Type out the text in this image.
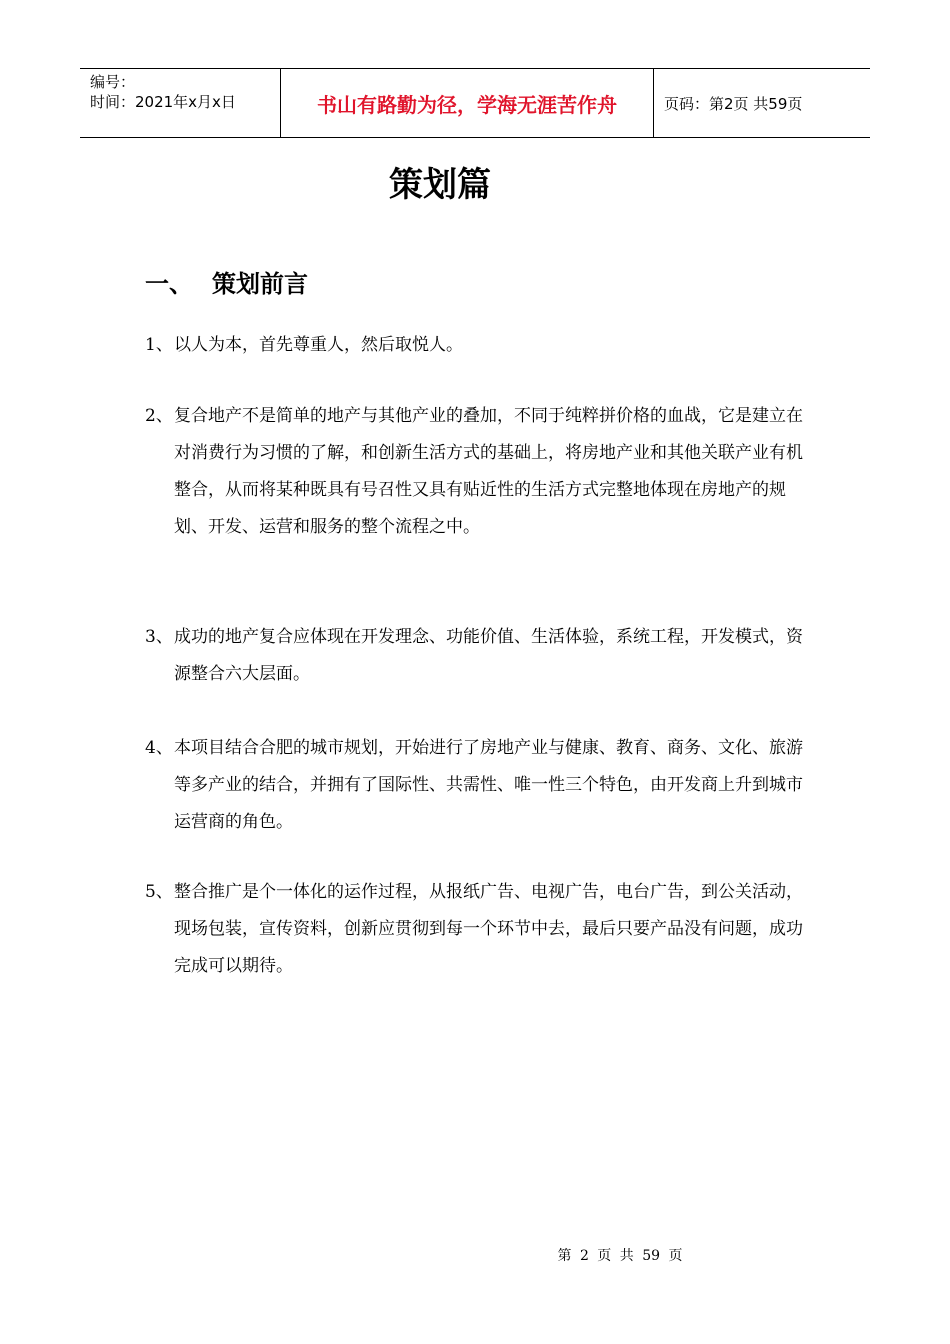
编号：
时间：2021年x月x日	书山有路勤为径，学海无涯苦作舟	页码：第2页 共59页
策划篇
一、 策划前言
1、 以人为本，首先尊重人，然后取悦人。
2、 复合地产不是简单的地产与其他产业的叠加，不同于纯粹拼价格的血战，它是建立在对消费行为习惯的了解，和创新生活方式的基础上，将房地产业和其他关联产业有机整合，从而将某种既具有号召性又具有贴近性的生活方式完整地体现在房地产的规划、开发、运营和服务的整个流程之中。
3、 成功的地产复合应体现在开发理念、功能价值、生活体验，系统工程，开发模式，资源整合六大层面。
4、 本项目结合合肥的城市规划，开始进行了房地产业与健康、教育、商务、文化、旅游等多产业的结合，并拥有了国际性、共需性、唯一性三个特色，由开发商上升到城市运营商的角色。
5、 整合推广是个一体化的运作过程，从报纸广告、电视广告，电台广告，到公关活动，现场包装，宣传资料，创新应贯彻到每一个环节中去，最后只要产品没有问题，成功完成可以期待。
第 2 页 共 59 页
